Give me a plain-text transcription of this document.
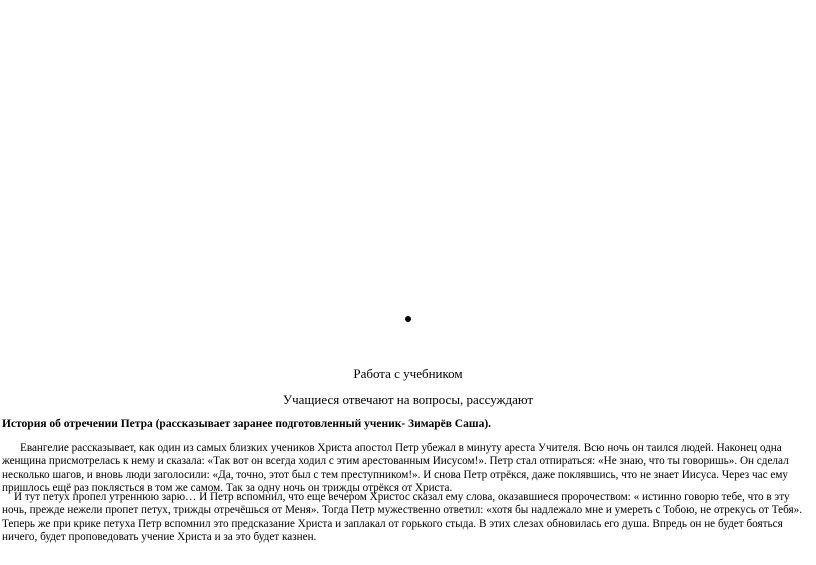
Работа с учебником
Учащиеся отвечают на вопросы, рассуждают
История об отречении Петра (рассказывает заранее подготовленный ученик- Зимарёв Саша).
Евангелие рассказывает, как один из самых близких учеников Христа апостол Петр убежал в минуту ареста Учителя. Всю ночь он таился людей. Наконец одна женщина присмотрелась к нему и сказала: «Так вот он всегда ходил с этим арестованным Иисусом!». Петр стал отпираться: «Не знаю, что ты говоришь». Он сделал несколько шагов, и вновь люди заголосили: «Да, точно, этот был с тем преступником!». И снова Петр отрёкся, даже поклявшись, что не знает Иисуса. Через час ему пришлось ещё раз поклясться в том же самом. Так за одну ночь он трижды отрёкся от Христа.
И тут петух пропел утреннюю зарю… И Петр вспомнил, что еще вечером Христос сказал ему слова, оказавшиеся пророчеством: « истинно говорю тебе, что в эту ночь, прежде нежели пропет петух, трижды отречёшься от Меня». Тогда Петр мужественно ответил: «хотя бы надлежало мне и умереть с Тобою, не отрекусь от Тебя». Теперь же при крике петуха Петр вспомнил это предсказание Христа и заплакал от горького стыда. В этих слезах обновилась его душа. Впредь он не будет бояться ничего, будет проповедовать учение Христа и за это будет казнен.
